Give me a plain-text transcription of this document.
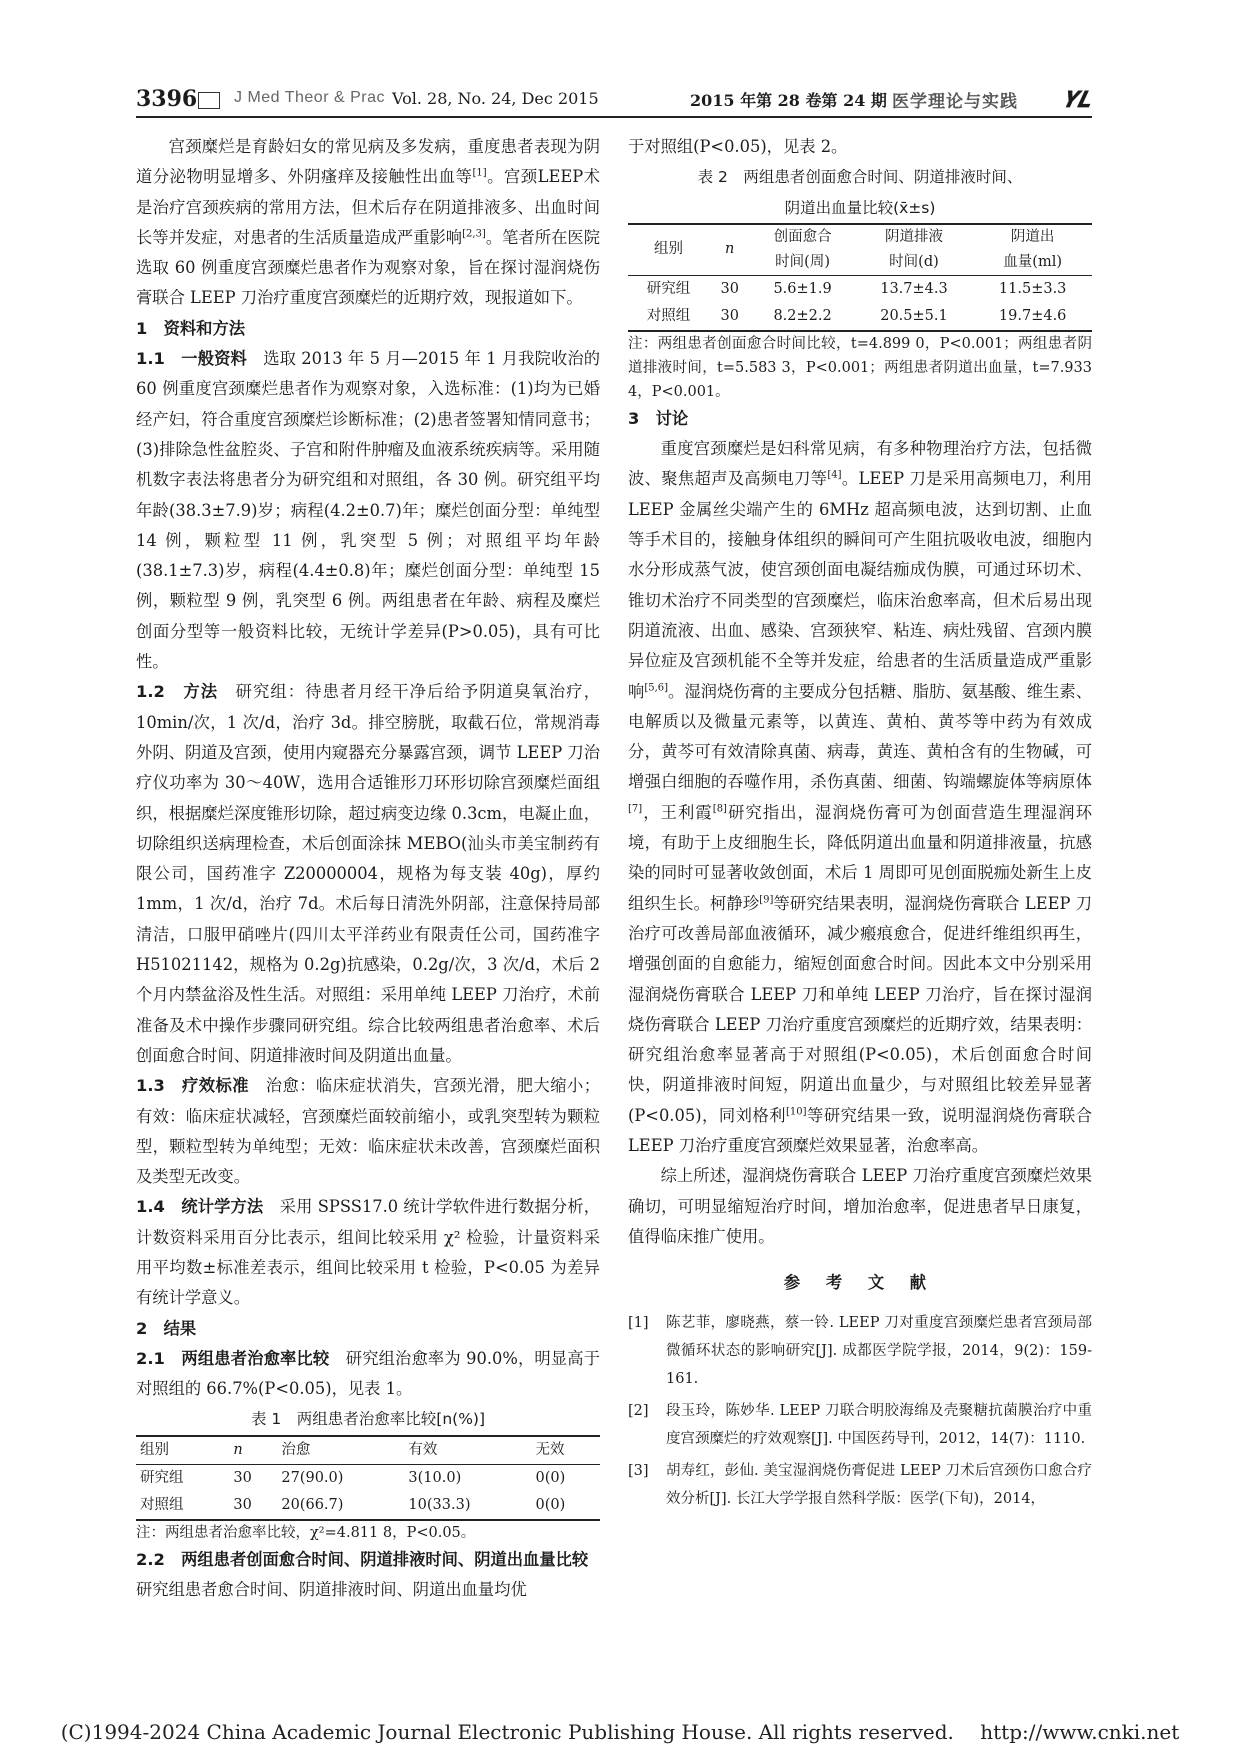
3396 J Med Theor & Prac Vol. 28, No. 24, Dec 2015	2015 年第 28 卷第 24 期 医学理论与实践 𝒀𝑳

宫颈糜烂是育龄妇女的常见病及多发病，重度患者表现为阴道分泌物明显增多、外阴瘙痒及接触性出血等[1]。宫颈LEEP术是治疗宫颈疾病的常用方法，但术后存在阴道排液多、出血时间长等并发症，对患者的生活质量造成严重影响[2,3]。笔者所在医院选取 60 例重度宫颈糜烂患者作为观察对象，旨在探讨湿润烧伤膏联合 LEEP 刀治疗重度宫颈糜烂的近期疗效，现报道如下。

1　资料和方法

1.1　一般资料　选取 2013 年 5 月—2015 年 1 月我院收治的 60 例重度宫颈糜烂患者作为观察对象，入选标准：(1)均为已婚经产妇，符合重度宫颈糜烂诊断标准；(2)患者签署知情同意书；(3)排除急性盆腔炎、子宫和附件肿瘤及血液系统疾病等。采用随机数字表法将患者分为研究组和对照组，各 30 例。研究组平均年龄(38.3±7.9)岁；病程(4.2±0.7)年；糜烂创面分型：单纯型 14 例，颗粒型 11 例，乳突型 5 例；对照组平均年龄(38.1±7.3)岁，病程(4.4±0.8)年；糜烂创面分型：单纯型 15 例，颗粒型 9 例，乳突型 6 例。两组患者在年龄、病程及糜烂创面分型等一般资料比较，无统计学差异(P>0.05)，具有可比性。

1.2　方法　研究组：待患者月经干净后给予阴道臭氧治疗，10min/次，1 次/d，治疗 3d。排空膀胱，取截石位，常规消毒外阴、阴道及宫颈，使用内窥器充分暴露宫颈，调节 LEEP 刀治疗仪功率为 30～40W，选用合适锥形刀环形切除宫颈糜烂面组织，根据糜烂深度锥形切除，超过病变边缘 0.3cm，电凝止血，切除组织送病理检查，术后创面涂抹 MEBO(汕头市美宝制药有限公司，国药准字 Z20000004，规格为每支装 40g)，厚约 1mm，1 次/d，治疗 7d。术后每日清洗外阴部，注意保持局部清洁，口服甲硝唑片(四川太平洋药业有限责任公司，国药准字 H51021142，规格为 0.2g)抗感染，0.2g/次，3 次/d，术后 2 个月内禁盆浴及性生活。对照组：采用单纯 LEEP 刀治疗，术前准备及术中操作步骤同研究组。综合比较两组患者治愈率、术后创面愈合时间、阴道排液时间及阴道出血量。

1.3　疗效标准　治愈：临床症状消失，宫颈光滑，肥大缩小；有效：临床症状减轻，宫颈糜烂面较前缩小，或乳突型转为颗粒型，颗粒型转为单纯型；无效：临床症状未改善，宫颈糜烂面积及类型无改变。

1.4　统计学方法　采用 SPSS17.0 统计学软件进行数据分析，计数资料采用百分比表示，组间比较采用 χ² 检验，计量资料采用平均数±标准差表示，组间比较采用 t 检验，P<0.05 为差异有统计学意义。

2　结果

2.1　两组患者治愈率比较　研究组治愈率为 90.0%，明显高于对照组的 66.7%(P<0.05)，见表 1。

表 1　两组患者治愈率比较[n(%)]
组别	n	治愈	有效	无效
研究组	30	27(90.0)	3(10.0)	0(0)
对照组	30	20(66.7)	10(33.3)	0(0)
注：两组患者治愈率比较，χ²=4.811 8，P<0.05。

2.2　两组患者创面愈合时间、阴道排液时间、阴道出血量比较　研究组患者愈合时间、阴道排液时间、阴道出血量均优

于对照组(P<0.05)，见表 2。

表 2　两组患者创面愈合时间、阴道排液时间、
阴道出血量比较(x̄±s)
组别	n	创面愈合	阴道排液	阴道出
		时间(周)	时间(d)	血量(ml)
研究组	30	5.6±1.9	13.7±4.3	11.5±3.3
对照组	30	8.2±2.2	20.5±5.1	19.7±4.6
注：两组患者创面愈合时间比较，t=4.899 0，P<0.001；两组患者阴道排液时间，t=5.583 3，P<0.001；两组患者阴道出血量，t=7.933 4，P<0.001。

3　讨论

重度宫颈糜烂是妇科常见病，有多种物理治疗方法，包括微波、聚焦超声及高频电刀等[4]。LEEP 刀是采用高频电刀，利用 LEEP 金属丝尖端产生的 6MHz 超高频电波，达到切割、止血等手术目的，接触身体组织的瞬间可产生阻抗吸收电波，细胞内水分形成蒸气波，使宫颈创面电凝结痂成伪膜，可通过环切术、锥切术治疗不同类型的宫颈糜烂，临床治愈率高，但术后易出现阴道流液、出血、感染、宫颈狭窄、粘连、病灶残留、宫颈内膜异位症及宫颈机能不全等并发症，给患者的生活质量造成严重影响[5,6]。湿润烧伤膏的主要成分包括糖、脂肪、氨基酸、维生素、电解质以及微量元素等，以黄连、黄柏、黄芩等中药为有效成分，黄芩可有效清除真菌、病毒，黄连、黄柏含有的生物碱，可增强白细胞的吞噬作用，杀伤真菌、细菌、钩端螺旋体等病原体[7]，王利霞[8]研究指出，湿润烧伤膏可为创面营造生理湿润环境，有助于上皮细胞生长，降低阴道出血量和阴道排液量，抗感染的同时可显著收敛创面，术后 1 周即可见创面脱痂处新生上皮组织生长。柯静珍[9]等研究结果表明，湿润烧伤膏联合 LEEP 刀治疗可改善局部血液循环，减少瘢痕愈合，促进纤维组织再生，增强创面的自愈能力，缩短创面愈合时间。因此本文中分别采用湿润烧伤膏联合 LEEP 刀和单纯 LEEP 刀治疗，旨在探讨湿润烧伤膏联合 LEEP 刀治疗重度宫颈糜烂的近期疗效，结果表明：研究组治愈率显著高于对照组(P<0.05)，术后创面愈合时间快，阴道排液时间短，阴道出血量少，与对照组比较差异显著(P<0.05)，同刘格利[10]等研究结果一致，说明湿润烧伤膏联合 LEEP 刀治疗重度宫颈糜烂效果显著，治愈率高。

综上所述，湿润烧伤膏联合 LEEP 刀治疗重度宫颈糜烂效果确切，可明显缩短治疗时间，增加治愈率，促进患者早日康复，值得临床推广使用。

参 考 文 献
[1]	陈艺菲，廖晓燕，蔡一铃. LEEP 刀对重度宫颈糜烂患者宫颈局部微循环状态的影响研究[J]. 成都医学院学报，2014，9(2)：159-161.
[2]	段玉玲，陈妙华. LEEP 刀联合明胶海绵及壳聚糖抗菌膜治疗中重度宫颈糜烂的疗效观察[J]. 中国医药导刊，2012，14(7)：1110.
[3]	胡寿红，彭仙. 美宝湿润烧伤膏促进 LEEP 刀术后宫颈伤口愈合疗效分析[J]. 长江大学学报自然科学版：医学(下旬)，2014，
(C)1994-2024 China Academic Journal Electronic Publishing House. All rights reserved.　 http://www.cnki.net
